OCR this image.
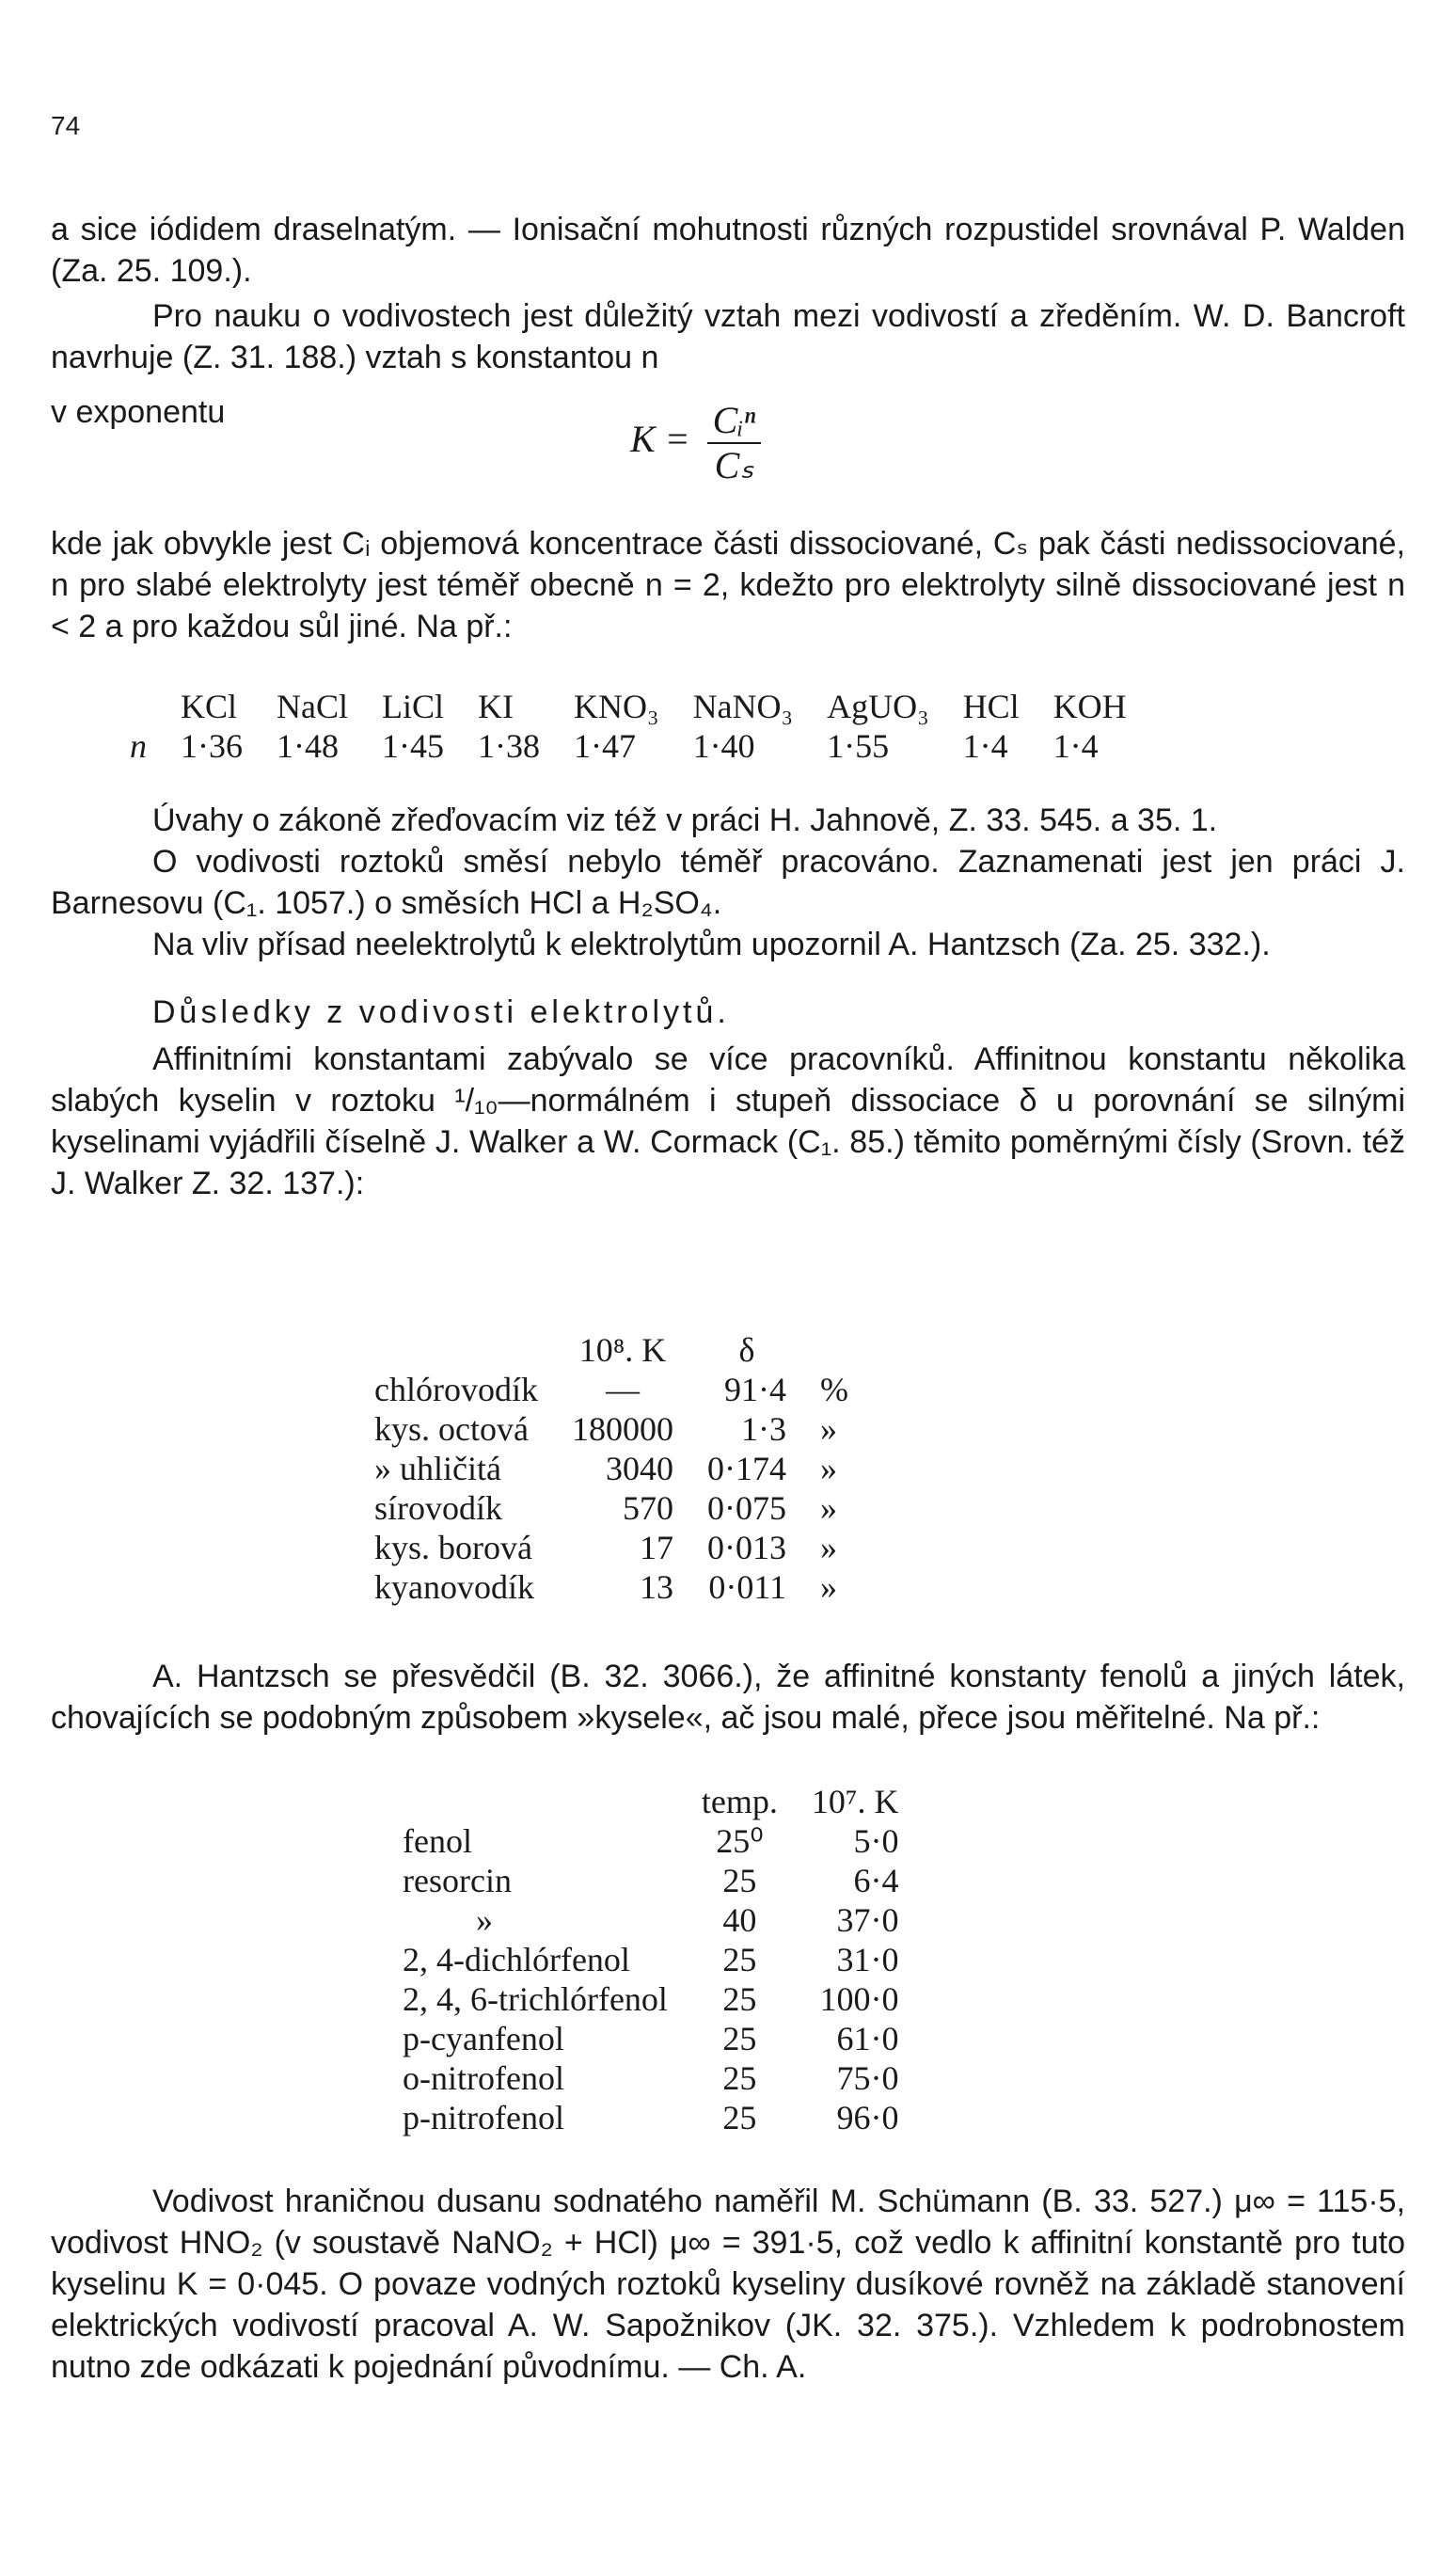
74

a sice iódidem draselnatým. — Ionisační mohutnosti různých rozpustidel srovnával P. Walden (Za. 25. 109.).

Pro nauku o vodivostech jest důležitý vztah mezi vodivostí a zředěním. W. D. Bancroft navrhuje (Z. 31. 188.) vztah s konstantou n

v exponentu

$K = \frac{\text{Cᵢⁿ}}{\text{Cₛ}}$

kde jak obvykle jest Cᵢ objemová koncentrace části dissociované, Cₛ pak části nedissociované, n pro slabé elektrolyty jest téměř obecně n = 2, kdežto pro elektrolyty silně dissociované jest n < 2 a pro každou sůl jiné. Na př.:

	KCl	NaCl	LiCl	KI	KNO₃	NaNO₃	AgUO₃	HCl	KOH
n	1·36	1·48	1·45	1·38	1·47	1·40	1·55	1·4	1·4

Úvahy o zákoně zřeďovacím viz též v práci H. Jahnově, Z. 33. 545. a 35. 1.

O vodivosti roztoků směsí nebylo téměř pracováno. Zaznamenati jest jen práci J. Barnesovu (C₁. 1057.) o směsích HCl a H₂SO₄.

Na vliv přísad neelektrolytů k elektrolytům upozornil A. Hantzsch (Za. 25. 332.).

Důsledky z vodivosti elektrolytů.

Affinitními konstantami zabývalo se více pracovníků. Affinitnou konstantu několika slabých kyselin v roztoku ¹/₁₀—normálném i stupeň dissociace δ u porovnání se silnými kyselinami vyjádřili číselně J. Walker a W. Cormack (C₁. 85.) těmito poměrnými čísly (Srovn. též J. Walker Z. 32. 137.):

	10⁸. K	δ	
chlórovodík	—	91·4	%
kys. octová	180000	1·3	»
» uhličitá	3040	0·174	»
sírovodík	570	0·075	»
kys. borová	17	0·013	»
kyanovodík	13	0·011	»

A. Hantzsch se přesvědčil (B. 32. 3066.), že affinitné konstanty fenolů a jiných látek, chovajících se podobným způsobem »kysele«, ač jsou malé, přece jsou měřitelné. Na př.:

	temp.	10⁷. K
fenol	25⁰	5·0
resorcin	25	6·4
»	40	37·0
2, 4-dichlórfenol	25	31·0
2, 4, 6-trichlórfenol	25	100·0
p-cyanfenol	25	61·0
o-nitrofenol	25	75·0
p-nitrofenol	25	96·0

Vodivost hraničnou dusanu sodnatého naměřil M. Schümann (B. 33. 527.) μ∞ = 115·5, vodivost HNO₂ (v soustavě NaNO₂ + HCl) μ∞ = 391·5, což vedlo k affinitní konstantě pro tuto kyselinu K = 0·045. O povaze vodných roztoků kyseliny dusíkové rovněž na základě stanovení elektrických vodivostí pracoval A. W. Sapožnikov (JK. 32. 375.). Vzhledem k podrobnostem nutno zde odkázati k pojednání původnímu. — Ch. A.
